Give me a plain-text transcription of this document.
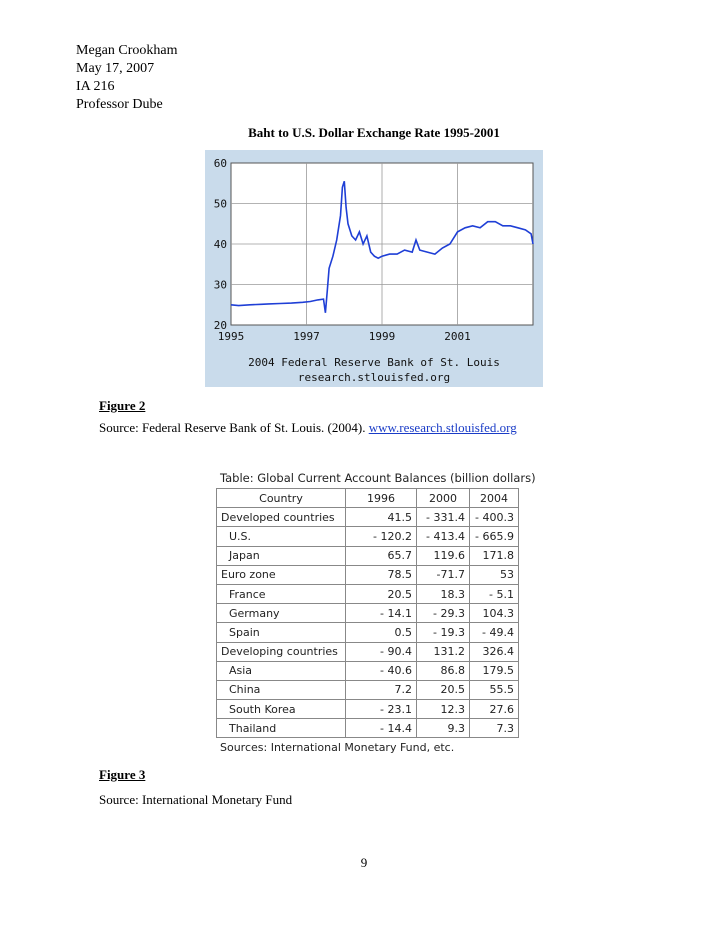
Megan Crookham
May 17, 2007
IA 216
Professor Dube
Baht to U.S. Dollar Exchange Rate 1995-2001
20
30
40
50
60
1995	1997	1999	2001
2004 Federal Reserve Bank of St. Louis
research.stlouisfed.org
Figure 2
Source: Federal Reserve Bank of St. Louis. (2004). www.research.stlouisfed.org
Table: Global Current Account Balances (billion dollars)
Country	1996	2000	2004
Developed countries	41.5	- 331.4	- 400.3
U.S.	- 120.2	- 413.4	- 665.9
Japan	65.7	119.6	171.8
Euro zone	78.5	-71.7	53
France	20.5	18.3	- 5.1
Germany	- 14.1	- 29.3	104.3
Spain	0.5	- 19.3	- 49.4
Developing countries	- 90.4	131.2	326.4
Asia	- 40.6	86.8	179.5
China	7.2	20.5	55.5
South Korea	- 23.1	12.3	27.6
Thailand	- 14.4	9.3	7.3
Sources: International Monetary Fund, etc.
Figure 3
Source: International Monetary Fund
9
